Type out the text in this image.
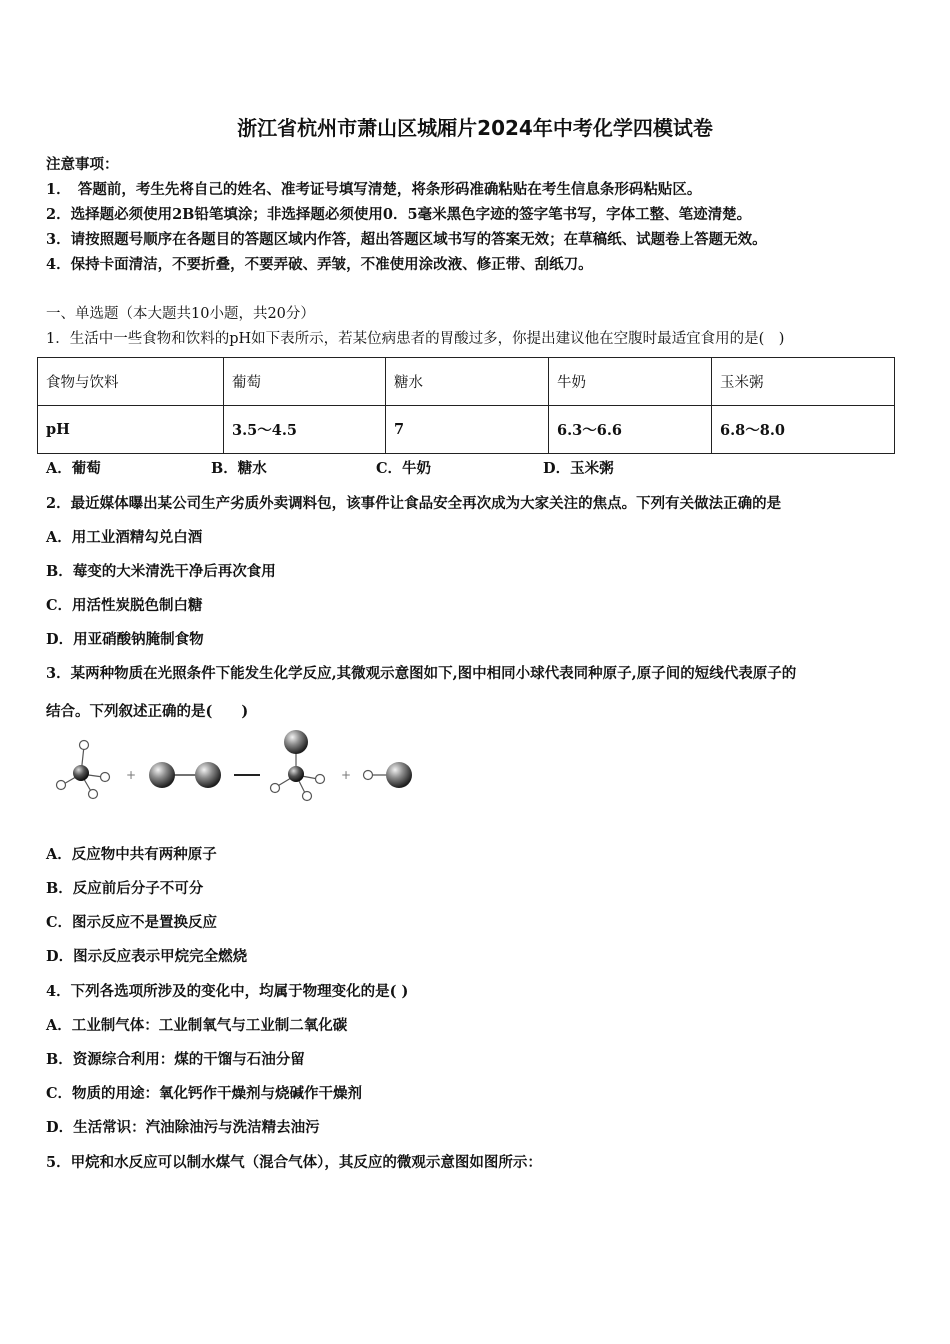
浙江省杭州市萧山区城厢片2024年中考化学四模试卷
注意事项：
1．　答题前，考生先将自己的姓名、准考证号填写清楚，将条形码准确粘贴在考生信息条形码粘贴区。
2．选择题必须使用2B铅笔填涂；非选择题必须使用0．5毫米黑色字迹的签字笔书写，字体工整、笔迹清楚。
3．请按照题号顺序在各题目的答题区域内作答，超出答题区域书写的答案无效；在草稿纸、试题卷上答题无效。
4．保持卡面清洁，不要折叠，不要弄破、弄皱，不准使用涂改液、修正带、刮纸刀。
一、单选题（本大题共10小题，共20分）
1．生活中一些食物和饮料的pH如下表所示，若某位病患者的胃酸过多，你提出建议他在空腹时最适宜食用的是(　)
食物与饮料	葡萄	糖水	牛奶	玉米粥
pH	3.5～4.5	7	6.3～6.6	6.8～8.0
A．葡萄	B．糖水	C．牛奶	D．玉米粥
2．最近媒体曝出某公司生产劣质外卖调料包，该事件让食品安全再次成为大家关注的焦点。下列有关做法正确的是
A．用工业酒精勾兑白酒
B．莓变的大米清洗干净后再次食用
C．用活性炭脱色制白糖
D．用亚硝酸钠腌制食物
3．某两种物质在光照条件下能发生化学反应,其微观示意图如下,图中相同小球代表同种原子,原子间的短线代表原子的
结合。下列叙述正确的是(　　)
+	+
A．反应物中共有两种原子
B．反应前后分子不可分
C．图示反应不是置换反应
D．图示反应表示甲烷完全燃烧
4．下列各选项所涉及的变化中，均属于物理变化的是( )
A．工业制气体：工业制氧气与工业制二氧化碳
B．资源综合利用：煤的干馏与石油分留
C．物质的用途：氧化钙作干燥剂与烧碱作干燥剂
D．生活常识：汽油除油污与洗洁精去油污
5．甲烷和水反应可以制水煤气（混合气体），其反应的微观示意图如图所示：
